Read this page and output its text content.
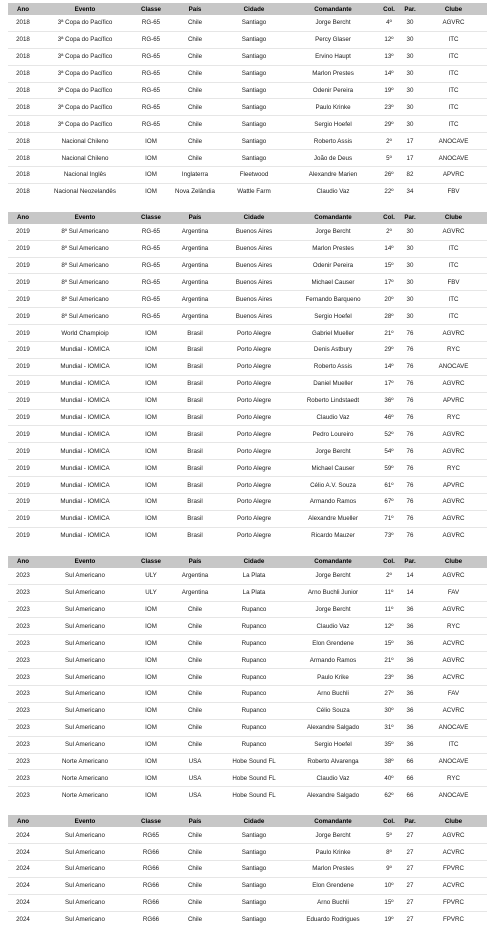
Ano	Evento	Classe	País	Cidade	Comandante	Col.	Par.	Clube
2018	3ª Copa do Pacífico	RG-65	Chile	Santiago	Jorge Bercht	4º	30	AGVRC
2018	3ª Copa do Pacífico	RG-65	Chile	Santiago	Percy Glaser	12º	30	ITC
2018	3ª Copa do Pacífico	RG-65	Chile	Santiago	Ervino Haupt	13º	30	ITC
2018	3ª Copa do Pacífico	RG-65	Chile	Santiago	Marlon Prestes	14º	30	ITC
2018	3ª Copa do Pacífico	RG-65	Chile	Santiago	Odenir Pereira	19º	30	ITC
2018	3ª Copa do Pacífico	RG-65	Chile	Santiago	Paulo Krinke	23º	30	ITC
2018	3ª Copa do Pacífico	RG-65	Chile	Santiago	Sergio Hoefel	29º	30	ITC
2018	Nacional Chileno	IOM	Chile	Santiago	Roberto Assis	2º	17	ANOCAVE
2018	Nacional Chileno	IOM	Chile	Santiago	João de Deus	5º	17	ANOCAVE
2018	Nacional Inglês	IOM	Inglaterra	Fleetwood	Alexandre Marien	26º	82	APVRC
2018	Nacional Neozelandês	IOM	Nova Zelândia	Wattle Farm	Claudio Vaz	22º	34	FBV
Ano	Evento	Classe	País	Cidade	Comandante	Col.	Par.	Clube
2019	8º Sul Americano	RG-65	Argentina	Buenos Aires	Jorge Bercht	2º	30	AGVRC
2019	8º Sul Americano	RG-65	Argentina	Buenos Aires	Marlon Prestes	14º	30	ITC
2019	8º Sul Americano	RG-65	Argentina	Buenos Aires	Odenir Pereira	15º	30	ITC
2019	8º Sul Americano	RG-65	Argentina	Buenos Aires	Michael Causer	17º	30	FBV
2019	8º Sul Americano	RG-65	Argentina	Buenos Aires	Fernando Barqueno	20º	30	ITC
2019	8º Sul Americano	RG-65	Argentina	Buenos Aires	Sergio Hoefel	28º	30	ITC
2019	World Champioip	IOM	Brasil	Porto Alegre	Gabriel Mueller	21º	76	AGVRC
2019	Mundial - IOMICA	IOM	Brasil	Porto Alegre	Denis Astbury	29º	76	RYC
2019	Mundial - IOMICA	IOM	Brasil	Porto Alegre	Roberto Assis	14º	76	ANOCAVE
2019	Mundial - IOMICA	IOM	Brasil	Porto Alegre	Daniel Mueller	17º	76	AGVRC
2019	Mundial - IOMICA	IOM	Brasil	Porto Alegre	Roberto Lindstaedt	36º	76	APVRC
2019	Mundial - IOMICA	IOM	Brasil	Porto Alegre	Claudio Vaz	46º	76	RYC
2019	Mundial - IOMICA	IOM	Brasil	Porto Alegre	Pedro Loureiro	52º	76	AGVRC
2019	Mundial - IOMICA	IOM	Brasil	Porto Alegre	Jorge Bercht	54º	76	AGVRC
2019	Mundial - IOMICA	IOM	Brasil	Porto Alegre	Michael Causer	59º	76	RYC
2019	Mundial - IOMICA	IOM	Brasil	Porto Alegre	Célio A.V. Souza	61º	76	APVRC
2019	Mundial - IOMICA	IOM	Brasil	Porto Alegre	Armando Ramos	67º	76	AGVRC
2019	Mundial - IOMICA	IOM	Brasil	Porto Alegre	Alexandre Mueller	71º	76	AGVRC
2019	Mundial - IOMICA	IOM	Brasil	Porto Alegre	Ricardo Mauzer	73º	76	AGVRC
Ano	Evento	Classe	País	Cidade	Comandante	Col.	Par.	Clube
2023	Sul Americano	ULY	Argentina	La Plata	Jorge Bercht	2º	14	AGVRC
2023	Sul Americano	ULY	Argentina	La Plata	Arno Buchli Junior	11º	14	FAV
2023	Sul Americano	IOM	Chile	Rupanco	Jorge Bercht	11º	36	AGVRC
2023	Sul Americano	IOM	Chile	Rupanco	Claudio Vaz	12º	36	RYC
2023	Sul Americano	IOM	Chile	Rupanco	Elon Grendene	15º	36	ACVRC
2023	Sul Americano	IOM	Chile	Rupanco	Armando Ramos	21º	36	AGVRC
2023	Sul Americano	IOM	Chile	Rupanco	Paulo Krike	23º	36	ACVRC
2023	Sul Americano	IOM	Chile	Rupanco	Arno Buchli	27º	36	FAV
2023	Sul Americano	IOM	Chile	Rupanco	Célio Souza	30º	36	ACVRC
2023	Sul Americano	IOM	Chile	Rupanco	Alexandre Salgado	31º	36	ANOCAVE
2023	Sul Americano	IOM	Chile	Rupanco	Sergio Hoefel	35º	36	ITC
2023	Norte Americano	IOM	USA	Hobe Sound FL	Roberto Alvarenga	38º	66	ANOCAVE
2023	Norte Americano	IOM	USA	Hobe Sound FL	Claudio Vaz	40º	66	RYC
2023	Norte Americano	IOM	USA	Hobe Sound FL	Alexandre Salgado	62º	66	ANOCAVE
Ano	Evento	Classe	País	Cidade	Comandante	Col.	Par.	Clube
2024	Sul Americano	RG65	Chile	Santiago	Jorge Bercht	5º	27	AGVRC
2024	Sul Americano	RG66	Chile	Santiago	Paulo Krinke	8º	27	ACVRC
2024	Sul Americano	RG66	Chile	Santiago	Marlon Prestes	9º	27	FPVRC
2024	Sul Americano	RG66	Chile	Santiago	Elon Grendene	10º	27	ACVRC
2024	Sul Americano	RG66	Chile	Santiago	Arno Buchli	15º	27	FPVRC
2024	Sul Americano	RG66	Chile	Santiago	Eduardo Rodrigues	19º	27	FPVRC
